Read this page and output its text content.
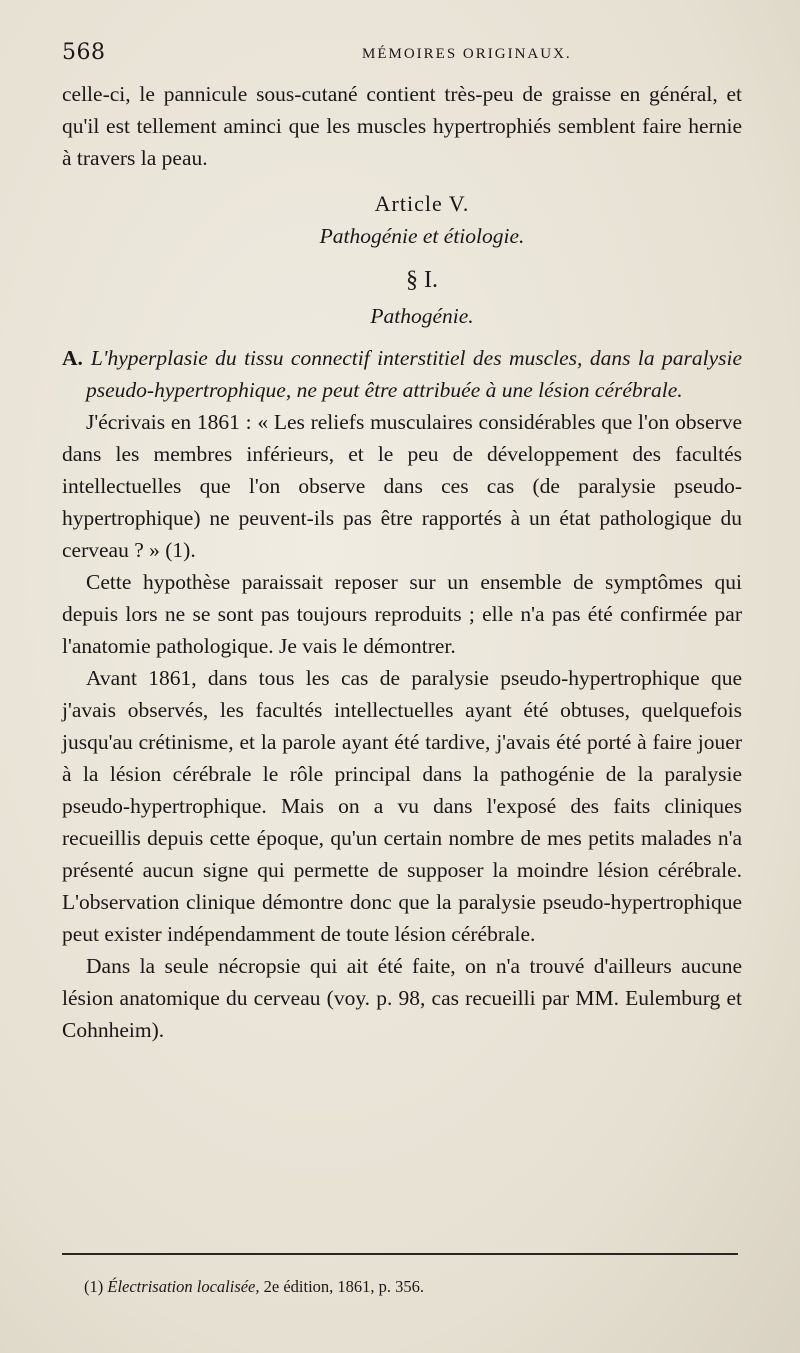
568	MÉMOIRES ORIGINAUX.

celle-ci, le pannicule sous-cutané contient très-peu de graisse en général, et qu'il est tellement aminci que les muscles hypertrophiés semblent faire hernie à travers la peau.

Article V.

Pathogénie et étiologie.

§ I.

Pathogénie.

A. L'hyperplasie du tissu connectif interstitiel des muscles, dans la paralysie pseudo-hypertrophique, ne peut être attribuée à une lésion cérébrale.

J'écrivais en 1861 : « Les reliefs musculaires considérables que l'on observe dans les membres inférieurs, et le peu de développement des facultés intellectuelles que l'on observe dans ces cas (de paralysie pseudo-hypertrophique) ne peuvent-ils pas être rapportés à un état pathologique du cerveau ? » (1).

Cette hypothèse paraissait reposer sur un ensemble de symptômes qui depuis lors ne se sont pas toujours reproduits ; elle n'a pas été confirmée par l'anatomie pathologique. Je vais le démontrer.

Avant 1861, dans tous les cas de paralysie pseudo-hypertrophique que j'avais observés, les facultés intellectuelles ayant été obtuses, quelquefois jusqu'au crétinisme, et la parole ayant été tardive, j'avais été porté à faire jouer à la lésion cérébrale le rôle principal dans la pathogénie de la paralysie pseudo-hypertrophique. Mais on a vu dans l'exposé des faits cliniques recueillis depuis cette époque, qu'un certain nombre de mes petits malades n'a présenté aucun signe qui permette de supposer la moindre lésion cérébrale. L'observation clinique démontre donc que la paralysie pseudo-hypertrophique peut exister indépendamment de toute lésion cérébrale.

Dans la seule nécropsie qui ait été faite, on n'a trouvé d'ailleurs aucune lésion anatomique du cerveau (voy. p. 98, cas recueilli par MM. Eulemburg et Cohnheim).

(1) Électrisation localisée, 2e édition, 1861, p. 356.
